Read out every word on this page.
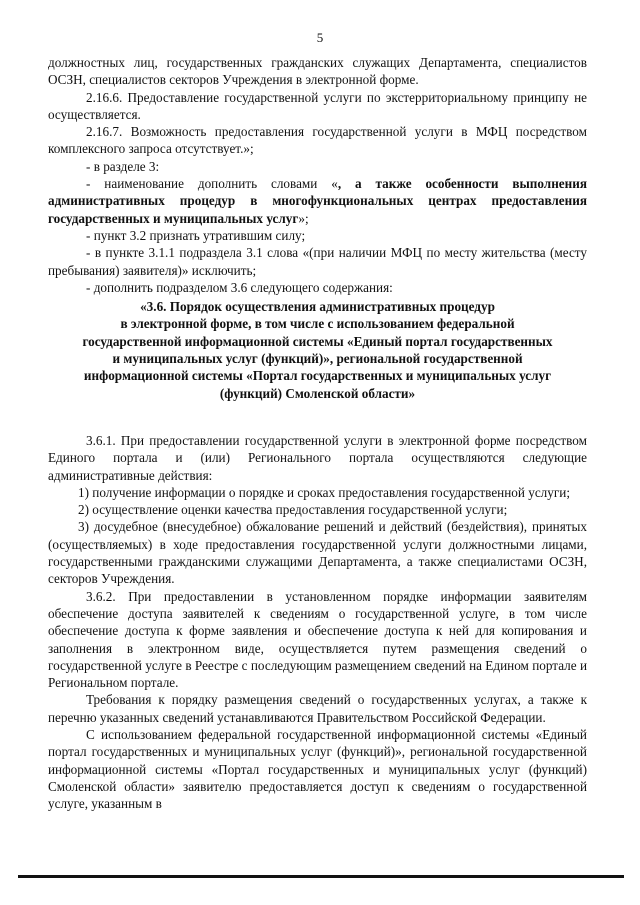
5

должностных лиц, государственных гражданских служащих Департамента, специалистов ОСЗН, специалистов секторов Учреждения в электронной форме.

2.16.6. Предоставление государственной услуги по экстерриториальному принципу не осуществляется.

2.16.7. Возможность предоставления государственной услуги в МФЦ посредством комплексного запроса отсутствует.»;

- в разделе 3:

- наименование дополнить словами «, а также особенности выполнения административных процедур в многофункциональных центрах предоставления государственных и муниципальных услуг»;

- пункт 3.2 признать утратившим силу;

- в пункте 3.1.1 подраздела 3.1 слова «(при наличии МФЦ по месту жительства (месту пребывания) заявителя)» исключить;

- дополнить подразделом 3.6 следующего содержания:

«3.6. Порядок осуществления административных процедур
в электронной форме, в том числе с использованием федеральной
государственной информационной системы «Единый портал государственных
и муниципальных услуг (функций)», региональной государственной
информационной системы «Портал государственных и муниципальных услуг
(функций) Смоленской области»

3.6.1. При предоставлении государственной услуги в электронной форме посредством Единого портала и (или) Регионального портала осуществляются следующие административные действия:

1) получение информации о порядке и сроках предоставления государственной услуги;

2) осуществление оценки качества предоставления государственной услуги;

3) досудебное (внесудебное) обжалование решений и действий (бездействия), принятых (осуществляемых) в ходе предоставления государственной услуги должностными лицами, государственными гражданскими служащими Департамента, а также специалистами ОСЗН, секторов Учреждения.

3.6.2. При предоставлении в установленном порядке информации заявителям обеспечение доступа заявителей к сведениям о государственной услуге, в том числе обеспечение доступа к форме заявления и обеспечение доступа к ней для копирования и заполнения в электронном виде, осуществляется путем размещения сведений о государственной услуге в Реестре с последующим размещением сведений на Едином портале и Региональном портале.

Требования к порядку размещения сведений о государственных услугах, а также к перечню указанных сведений устанавливаются Правительством Российской Федерации.

С использованием федеральной государственной информационной системы «Единый портал государственных и муниципальных услуг (функций)», региональной государственной информационной системы «Портал государственных и муниципальных услуг (функций) Смоленской области» заявителю предоставляется доступ к сведениям о государственной услуге, указанным в
